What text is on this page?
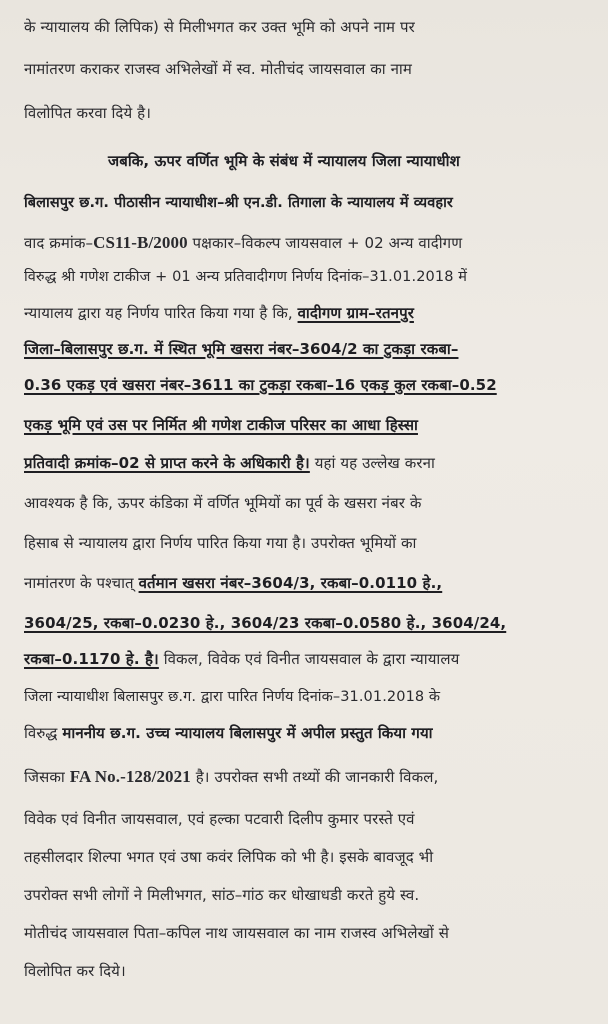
के न्यायालय की लिपिक) से मिलीभगत कर उक्त भूमि को अपने नाम पर
नामांतरण कराकर राजस्व अभिलेखों में स्व. मोतीचंद जायसवाल का नाम
विलोपित करवा दिये है।
जबकि, ऊपर वर्णित भूमि के संबंध में न्यायालय जिला न्यायाधीश
बिलासपुर छ.ग. पीठासीन न्यायाधीश–श्री एन.डी. तिगाला के न्यायालय में व्यवहार
वाद क्रमांक–CS11-B/2000 पक्षकार–विकल्प जायसवाल + 02 अन्य वादीगण
विरुद्ध श्री गणेश टाकीज + 01 अन्य प्रतिवादीगण निर्णय दिनांक–31.01.2018 में
न्यायालय द्वारा यह निर्णय पारित किया गया है कि, वादीगण ग्राम–रतनपुर
जिला–बिलासपुर छ.ग. में स्थित भूमि खसरा नंबर–3604/2 का टुकड़ा रकबा–
0.36 एकड़ एवं खसरा नंबर–3611 का टुकड़ा रकबा–16 एकड़ कुल रकबा–0.52
एकड़ भूमि एवं उस पर निर्मित श्री गणेश टाकीज परिसर का आधा हिस्सा
प्रतिवादी क्रमांक–02 से प्राप्त करने के अधिकारी है। यहां यह उल्लेख करना
आवश्यक है कि, ऊपर कंडिका में वर्णित भूमियों का पूर्व के खसरा नंबर के
हिसाब से न्यायालय द्वारा निर्णय पारित किया गया है। उपरोक्त भूमियों का
नामांतरण के पश्चात् वर्तमान खसरा नंबर–3604/3, रकबा–0.0110 हे.,
3604/25, रकबा–0.0230 हे., 3604/23 रकबा–0.0580 हे., 3604/24,
रकबा–0.1170 हे. है। विकल, विवेक एवं विनीत जायसवाल के द्वारा न्यायालय
जिला न्यायाधीश बिलासपुर छ.ग. द्वारा पारित निर्णय दिनांक–31.01.2018 के
विरुद्ध माननीय छ.ग. उच्च न्यायालय बिलासपुर में अपील प्रस्तुत किया गया
जिसका FA No.-128/2021 है। उपरोक्त सभी तथ्यों की जानकारी विकल,
विवेक एवं विनीत जायसवाल, एवं हल्का पटवारी दिलीप कुमार परस्ते एवं
तहसीलदार शिल्पा भगत एवं उषा कवंर लिपिक को भी है। इसके बावजूद भी
उपरोक्त सभी लोगों ने मिलीभगत, सांठ–गांठ कर धोखाधडी करते हुये स्व.
मोतीचंद जायसवाल पिता–कपिल नाथ जायसवाल का नाम राजस्व अभिलेखों से
विलोपित कर दिये।
